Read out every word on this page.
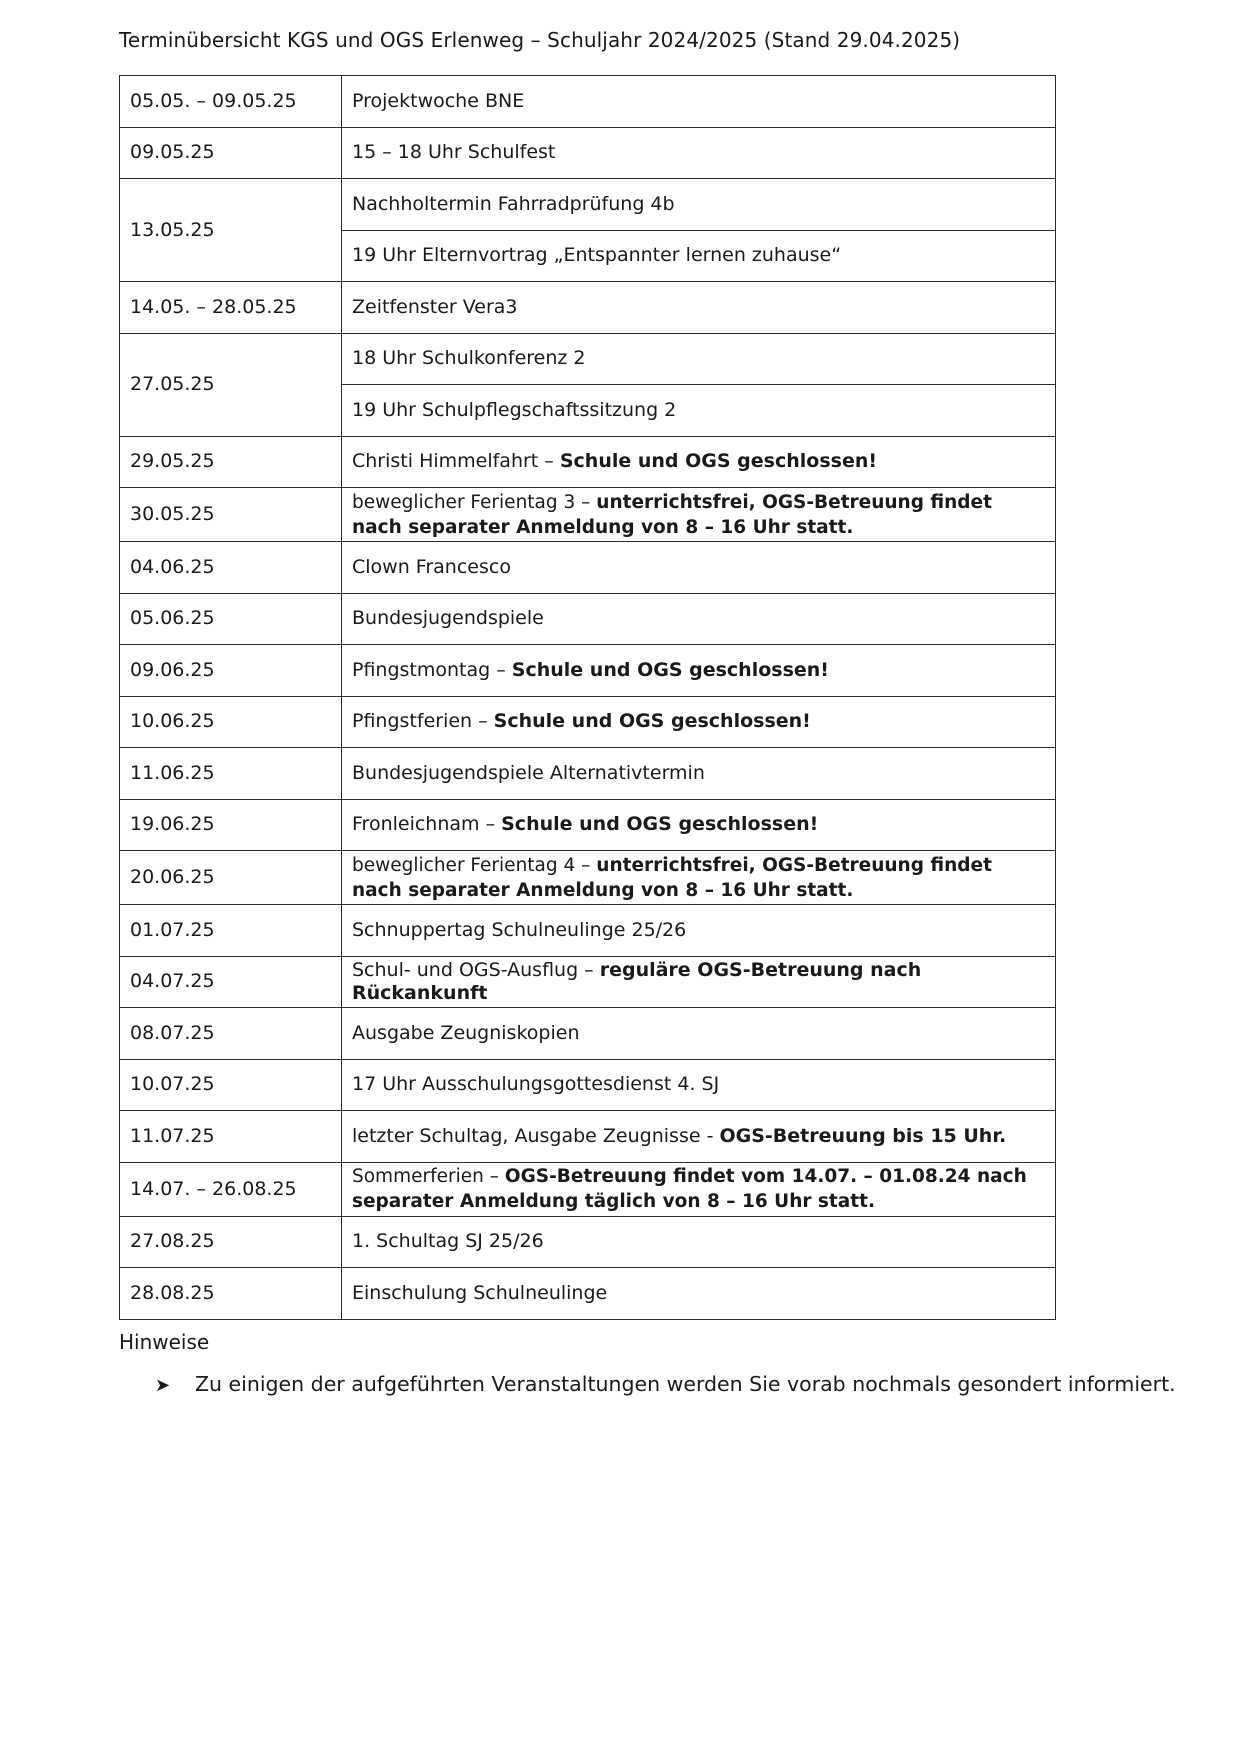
Terminübersicht KGS und OGS Erlenweg – Schuljahr 2024/2025 (Stand 29.04.2025)
05.05. – 09.05.25	Projektwoche BNE
09.05.25	15 – 18 Uhr Schulfest
13.05.25	Nachholtermin Fahrradprüfung 4b
	19 Uhr Elternvortrag „Entspannter lernen zuhause“
14.05. – 28.05.25	Zeitfenster Vera3
27.05.25	18 Uhr Schulkonferenz 2
	19 Uhr Schulpflegschaftssitzung 2
29.05.25	Christi Himmelfahrt – Schule und OGS geschlossen!
30.05.25	beweglicher Ferientag 3 – unterrichtsfrei, OGS-Betreuung findet nach separater Anmeldung von 8 – 16 Uhr statt.
04.06.25	Clown Francesco
05.06.25	Bundesjugendspiele
09.06.25	Pfingstmontag – Schule und OGS geschlossen!
10.06.25	Pfingstferien – Schule und OGS geschlossen!
11.06.25	Bundesjugendspiele Alternativtermin
19.06.25	Fronleichnam – Schule und OGS geschlossen!
20.06.25	beweglicher Ferientag 4 – unterrichtsfrei, OGS-Betreuung findet nach separater Anmeldung von 8 – 16 Uhr statt.
01.07.25	Schnuppertag Schulneulinge 25/26
04.07.25	Schul- und OGS-Ausflug – reguläre OGS-Betreuung nach Rückankunft
08.07.25	Ausgabe Zeugniskopien
10.07.25	17 Uhr Ausschulungsgottesdienst 4. SJ
11.07.25	letzter Schultag, Ausgabe Zeugnisse - OGS-Betreuung bis 15 Uhr.
14.07. – 26.08.25	Sommerferien – OGS-Betreuung findet vom 14.07. – 01.08.24 nach separater Anmeldung täglich von 8 – 16 Uhr statt.
27.08.25	1. Schultag SJ 25/26
28.08.25	Einschulung Schulneulinge
Hinweise
➤	Zu einigen der aufgeführten Veranstaltungen werden Sie vorab nochmals gesondert informiert.
